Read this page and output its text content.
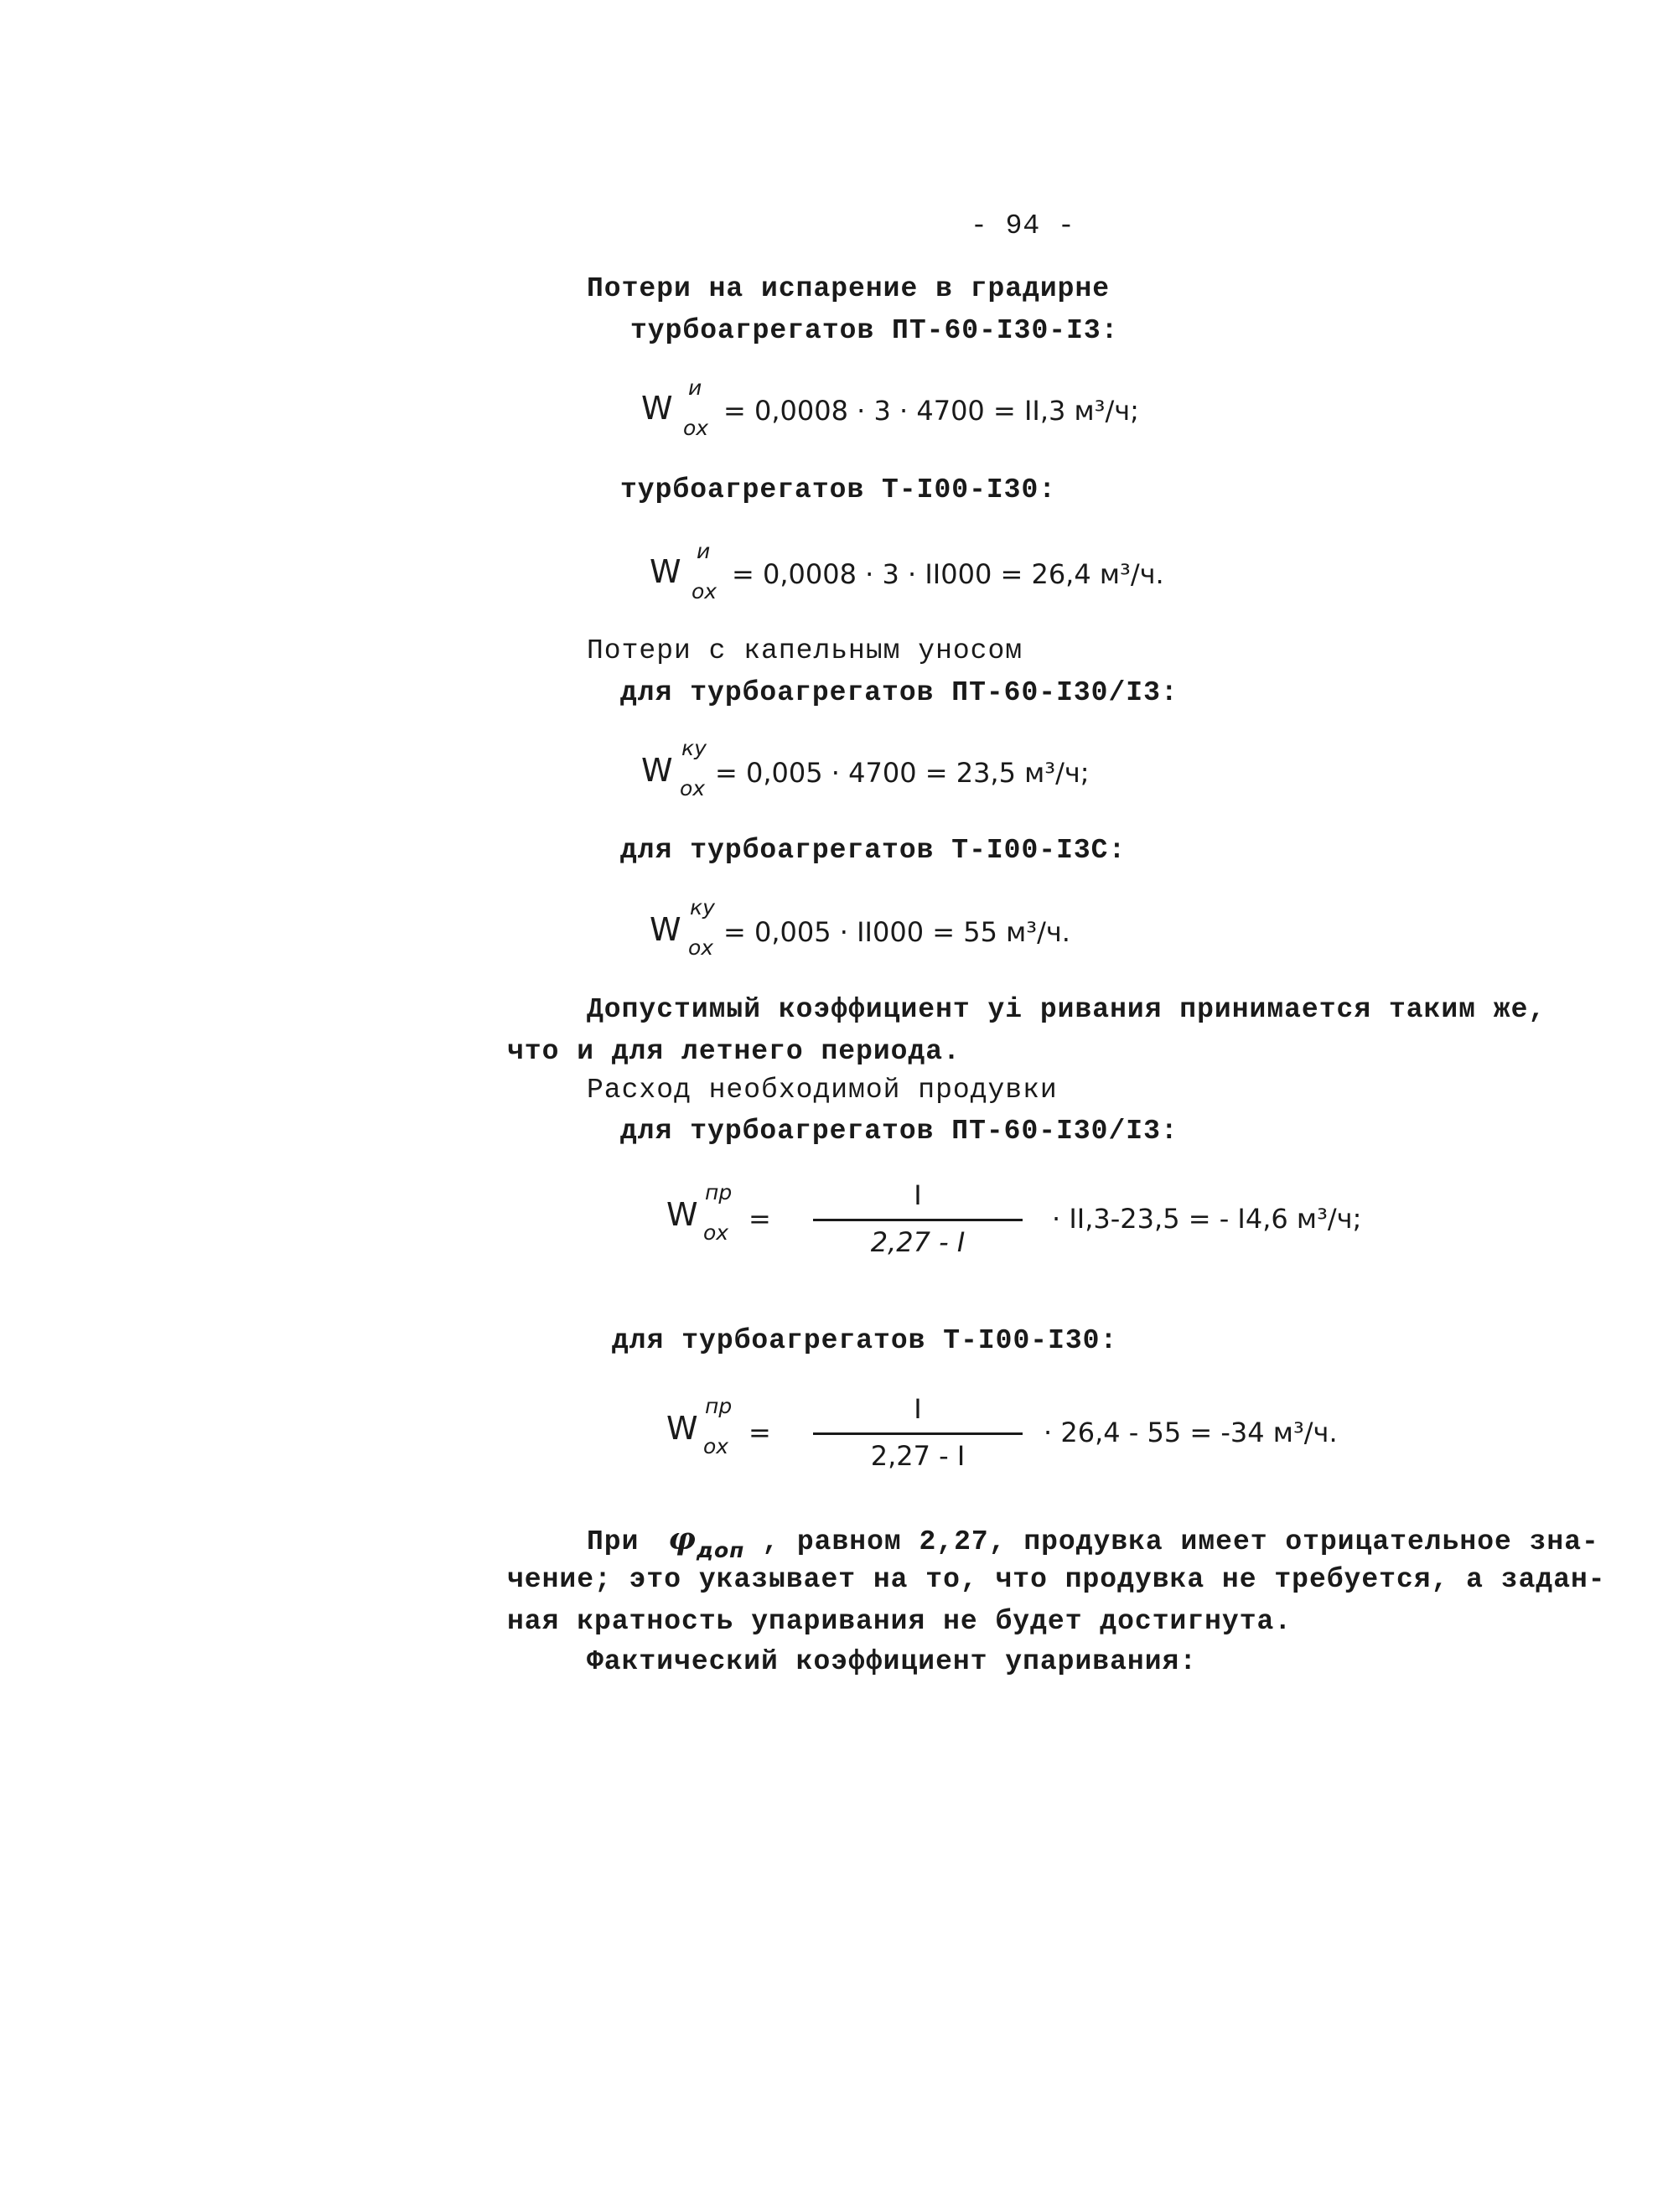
- 94 -
Потери на испарение в градирне
турбоагрегатов ПТ-60-I30-I3:
W
и
ох
= 0,0008 · 3 · 4700 = II,3 м³/ч;
турбоагрегатов Т-I00-I30:
W
и
ох
= 0,0008 · 3 · II000 = 26,4 м³/ч.
Потери с капельным уносом
для турбоагрегатов ПТ-60-I30/I3:
W
ку
ох = 0,005 · 4700 = 23,5 м³/ч;
для турбоагрегатов Т-I00-I3С:
W
ку
ох = 0,005 · II000 = 55 м³/ч.
Допустимый коэффициент уі ривания принимается таким же,
что и для летнего периода.
Расход необходимой продувки
для турбоагрегатов ПТ-60-I30/I3:
W
пр
ох =
I
2,27 - I
· II,3-23,5 = - I4,6 м³/ч;
для турбоагрегатов Т-I00-I30:
W
пр
ох =
I
2,27 - I
· 26,4 - 55 = -34 м³/ч.
При $\varphi_{доп}$ , равном 2,27, продувка имеет отрицательное зна-
чение; это указывает на то, что продувка не требуется, а задан-
ная кратность упаривания не будет достигнута.
Фактический коэффициент упаривания:
